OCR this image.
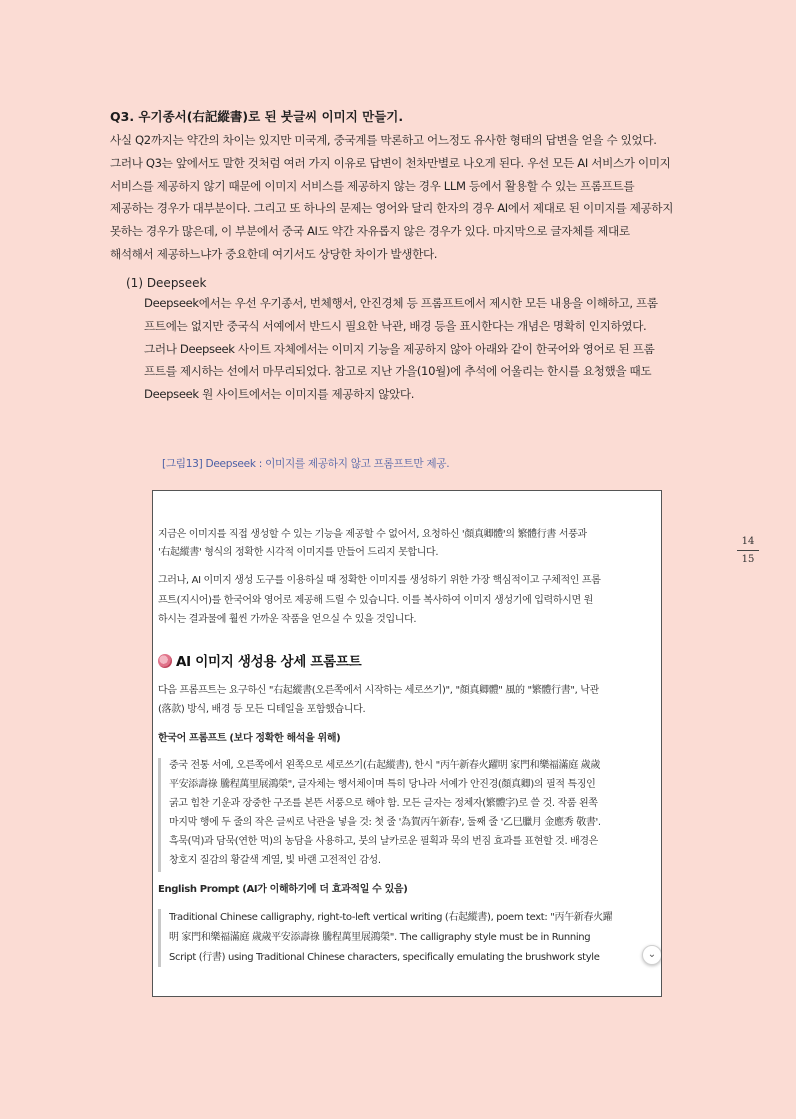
Q3. 우기종서(右記縱書)로 된 붓글씨 이미지 만들기.
사실 Q2까지는 약간의 차이는 있지만 미국계, 중국계를 막론하고 어느정도 유사한 형태의 답변을 얻을 수 있었다.
그러나 Q3는 앞에서도 말한 것처럼 여러 가지 이유로 답변이 천차만별로 나오게 된다. 우선 모든 AI 서비스가 이미지
서비스를 제공하지 않기 때문에 이미지 서비스를 제공하지 않는 경우 LLM 등에서 활용할 수 있는 프롬프트를
제공하는 경우가 대부분이다. 그리고 또 하나의 문제는 영어와 달리 한자의 경우 AI에서 제대로 된 이미지를 제공하지
못하는 경우가 많은데, 이 부분에서 중국 AI도 약간 자유롭지 않은 경우가 있다. 마지막으로 글자체를 제대로
해석해서 제공하느냐가 중요한데 여기서도 상당한 차이가 발생한다.
(1) Deepseek
Deepseek에서는 우선 우기종서, 번체행서, 안진경체 등 프롬프트에서 제시한 모든 내용을 이해하고, 프롬
프트에는 없지만 중국식 서예에서 반드시 필요한 낙관, 배경 등을 표시한다는 개념은 명확히 인지하였다.
그러나 Deepseek 사이트 자체에서는 이미지 기능을 제공하지 않아 아래와 같이 한국어와 영어로 된 프롬
프트를 제시하는 선에서 마무리되었다. 참고로 지난 가을(10월)에 추석에 어울리는 한시를 요청했을 때도
Deepseek 원 사이트에서는 이미지를 제공하지 않았다.
[그림13] Deepseek : 이미지를 제공하지 않고 프롬프트만 제공.
14
15
지금은 이미지를 직접 생성할 수 있는 기능을 제공할 수 없어서, 요청하신 '顏真卿體'의 繁體行書 서풍과
'右起縱書' 형식의 정확한 시각적 이미지를 만들어 드리지 못합니다.
그러나, AI 이미지 생성 도구를 이용하실 때 정확한 이미지를 생성하기 위한 가장 핵심적이고 구체적인 프롬
프트(지시어)를 한국어와 영어로 제공해 드릴 수 있습니다. 이를 복사하여 이미지 생성기에 입력하시면 원
하시는 결과물에 훨씬 가까운 작품을 얻으실 수 있을 것입니다.
AI 이미지 생성용 상세 프롬프트
다음 프롬프트는 요구하신 "右起縱書(오른쪽에서 시작하는 세로쓰기)", "顏真卿體" 風的 "繁體行書", 낙관
(落款) 방식, 배경 등 모든 디테일을 포함했습니다.
한국어 프롬프트 (보다 정확한 해석을 위해)
중국 전통 서예, 오른쪽에서 왼쪽으로 세로쓰기(右起縱書), 한시 "丙午新春火躍明 家門和樂福滿庭 歲歲
平安添壽祿 騰程萬里展鴻榮", 글자체는 행서체이며 특히 당나라 서예가 안진경(顏真卿)의 필적 특징인
굵고 힘찬 기운과 장중한 구조를 본뜬 서풍으로 해야 함. 모든 글자는 정체자(繁體字)로 쓸 것. 작품 왼쪽
마지막 행에 두 줄의 작은 글씨로 낙관을 넣을 것: 첫 줄 '為賀丙午新春', 둘째 줄 '乙巳臘月 金應秀 敬書'.
흑묵(먹)과 담묵(연한 먹)의 농담을 사용하고, 붓의 날카로운 필획과 묵의 번짐 효과를 표현할 것. 배경은
창호지 질감의 황갈색 계열, 빛 바랜 고전적인 감성.
English Prompt (AI가 이해하기에 더 효과적일 수 있음)
Traditional Chinese calligraphy, right-to-left vertical writing (右起縱書), poem text: "丙午新春火躍
明 家門和樂福滿庭 歲歲平安添壽祿 騰程萬里展鴻榮". The calligraphy style must be in Running
Script (行書) using Traditional Chinese characters, specifically emulating the brushwork style	⌄
